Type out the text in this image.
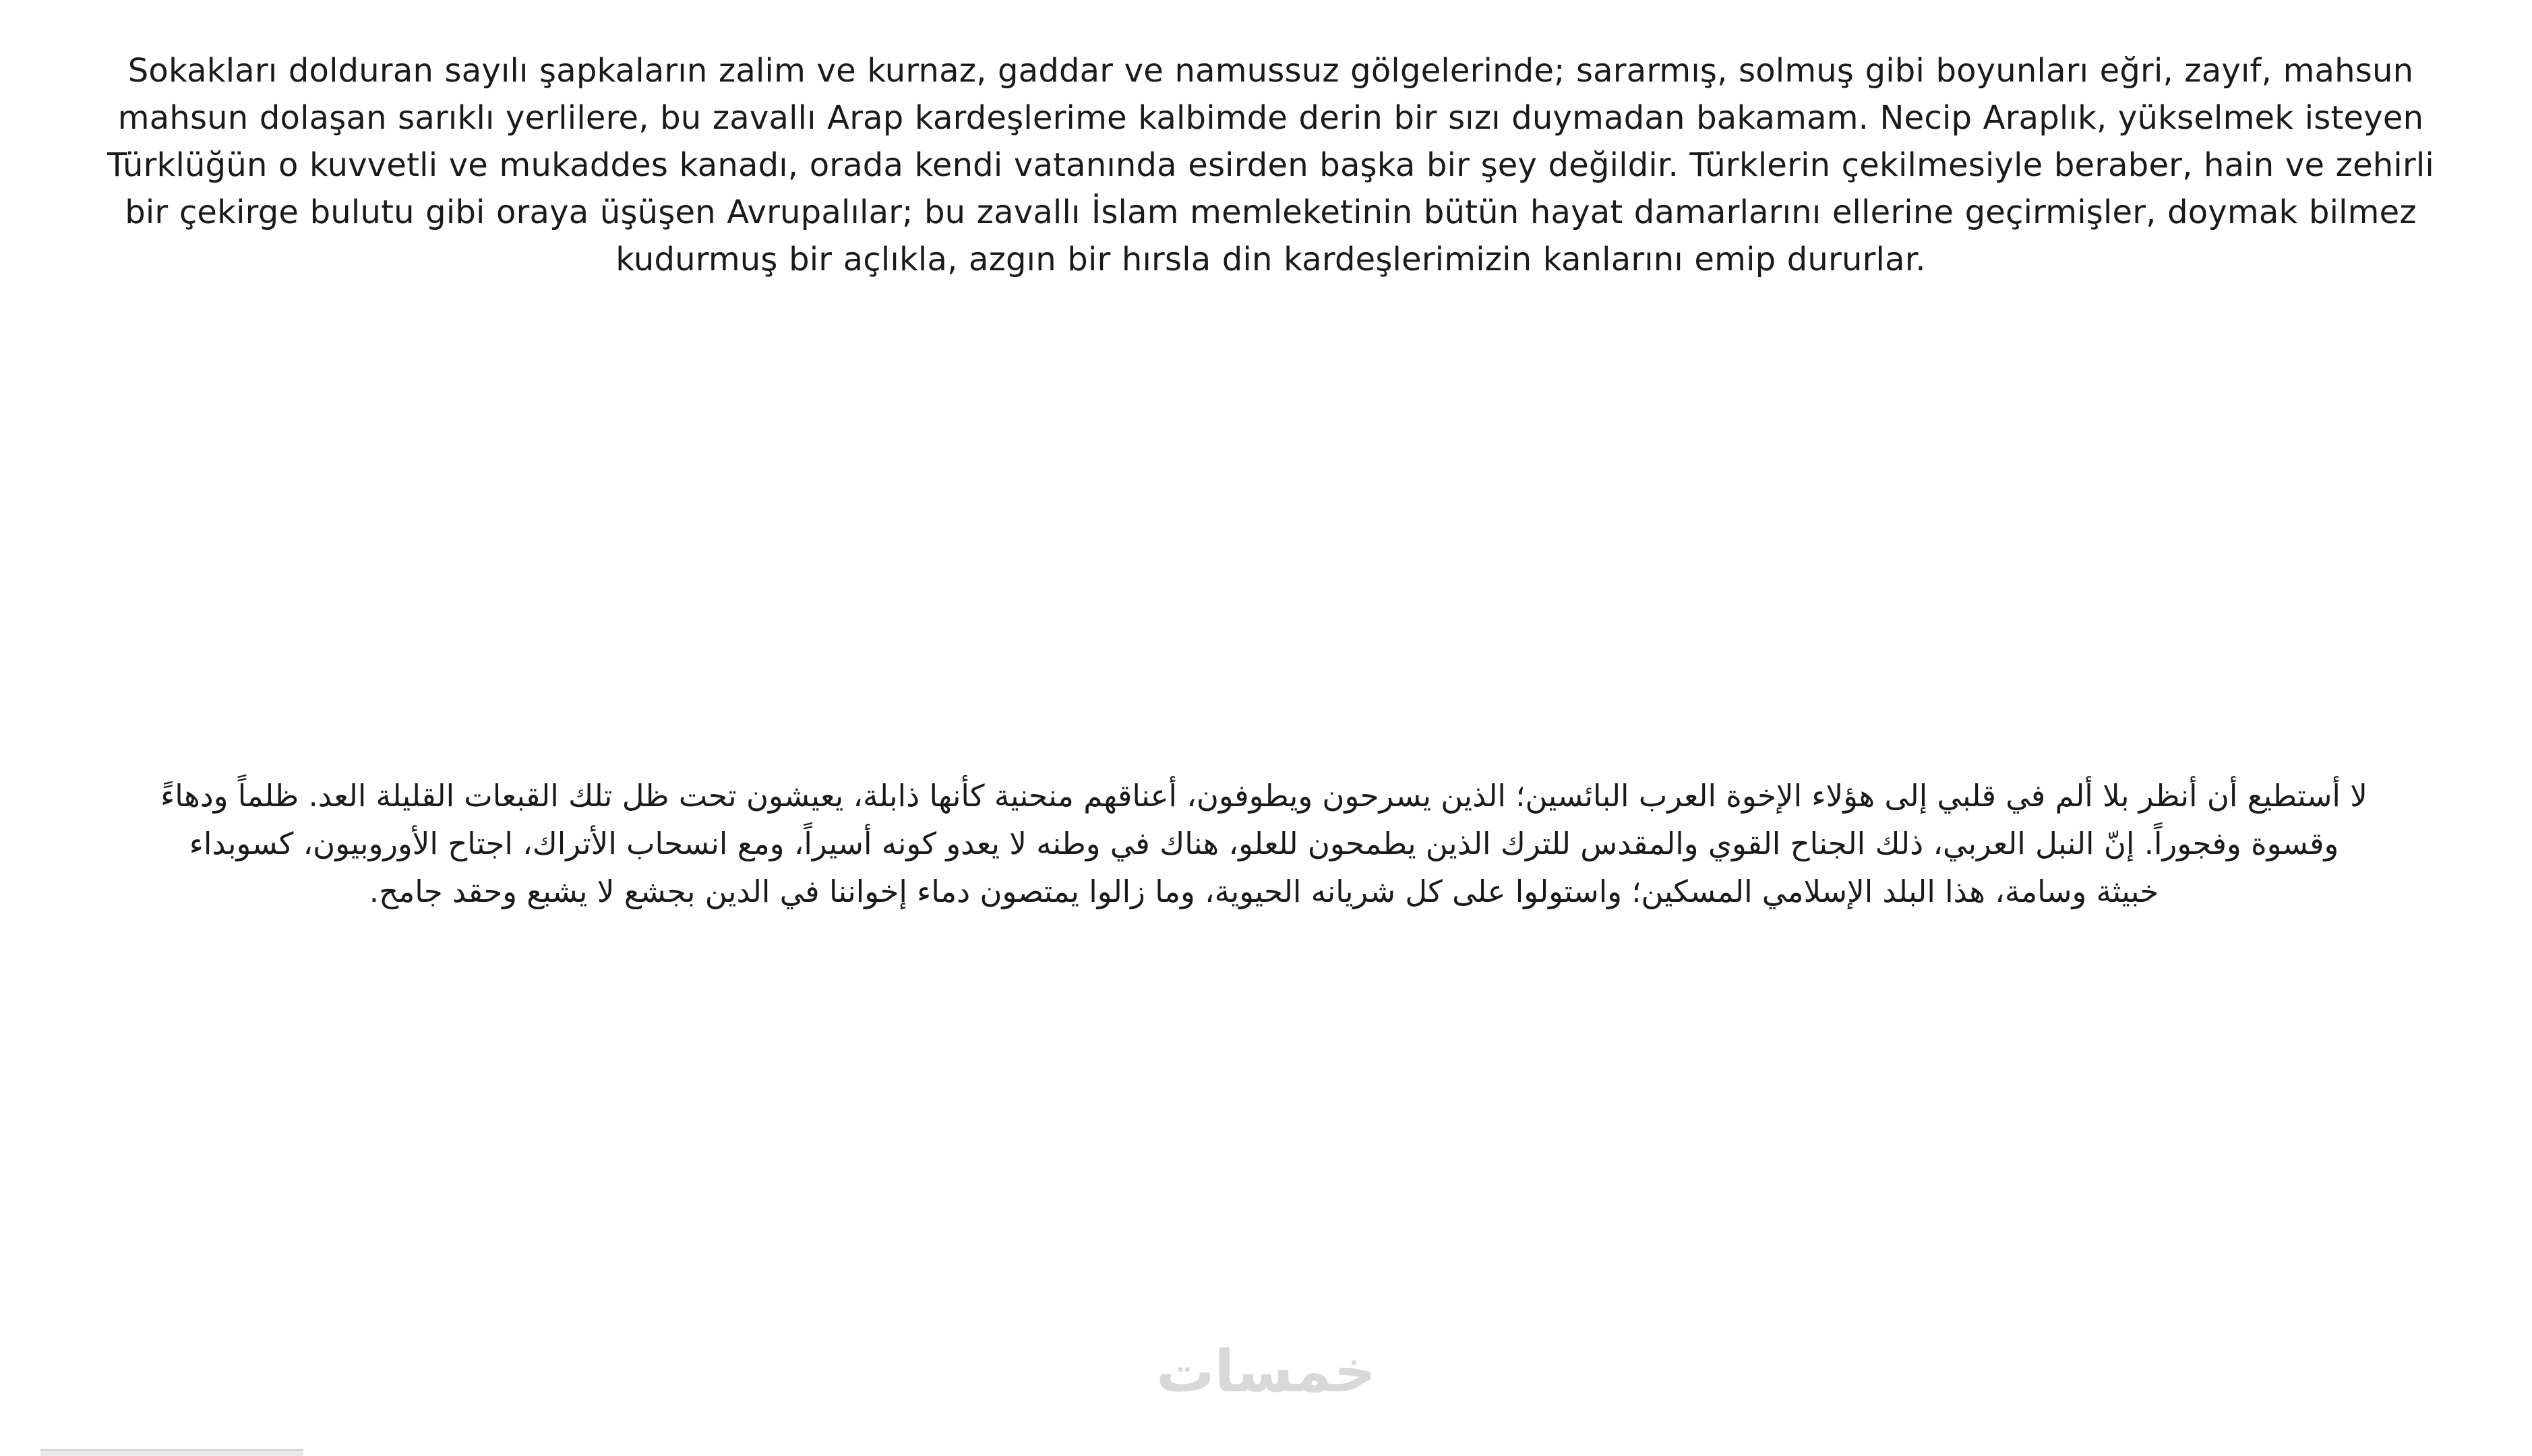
Sokakları dolduran sayılı şapkaların zalim ve kurnaz, gaddar ve namussuz gölgelerinde; sararmış, solmuş gibi boyunları eğri, zayıf, mahsun mahsun dolaşan sarıklı yerlilere, bu zavallı Arap kardeşlerime kalbimde derin bir sızı duymadan bakamam. Necip Araplık, yükselmek isteyen Türklüğün o kuvvetli ve mukaddes kanadı, orada kendi vatanında esirden başka bir şey değildir. Türklerin çekilmesiyle beraber, hain ve zehirli bir çekirge bulutu gibi oraya üşüşen Avrupalılar; bu zavallı İslam memleketinin bütün hayat damarlarını ellerine geçirmişler, doymak bilmez kudurmuş bir açlıkla, azgın bir hırsla din kardeşlerimizin kanlarını emip dururlar.

لا أستطيع أن أنظر بلا ألم في قلبي إلى هؤلاء الإخوة العرب البائسين؛ الذين يسرحون ويطوفون، أعناقهم منحنية كأنها ذابلة، يعيشون تحت ظل تلك القبعات القليلة العد. ظلماً ودهاءً وقسوة وفجوراً. إنّ النبل العربي، ذلك الجناح القوي والمقدس للترك الذين يطمحون للعلو، هناك في وطنه لا يعدو كونه أسيراً، ومع انسحاب الأتراك، اجتاح الأوروبيون، كسوبداء خبيثة وسامة، هذا البلد الإسلامي المسكين؛ واستولوا على كل شريانه الحيوية، وما زالوا يمتصون دماء إخواننا في الدين بجشع لا يشبع وحقد جامح.

خمسات
